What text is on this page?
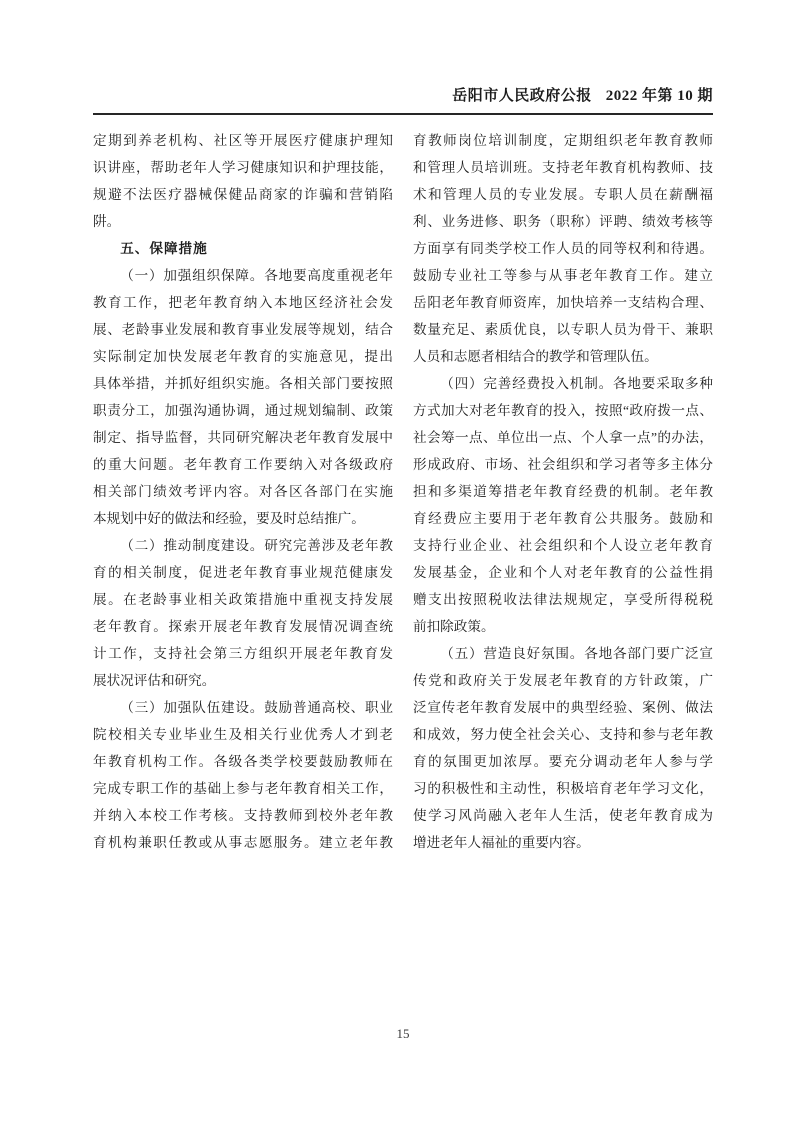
岳阳市人民政府公报 2022 年第 10 期
定期到养老机构、社区等开展医疗健康护理知
识讲座，帮助老年人学习健康知识和护理技能，
规避不法医疗器械保健品商家的诈骗和营销陷
阱。
五、保障措施
（一）加强组织保障。各地要高度重视老年
教育工作，把老年教育纳入本地区经济社会发
展、老龄事业发展和教育事业发展等规划，结合
实际制定加快发展老年教育的实施意见，提出
具体举措，并抓好组织实施。各相关部门要按照
职责分工，加强沟通协调，通过规划编制、政策
制定、指导监督，共同研究解决老年教育发展中
的重大问题。老年教育工作要纳入对各级政府
相关部门绩效考评内容。对各区各部门在实施
本规划中好的做法和经验，要及时总结推广。
（二）推动制度建设。研究完善涉及老年教
育的相关制度，促进老年教育事业规范健康发
展。在老龄事业相关政策措施中重视支持发展
老年教育。探索开展老年教育发展情况调查统
计工作，支持社会第三方组织开展老年教育发
展状况评估和研究。
（三）加强队伍建设。鼓励普通高校、职业
院校相关专业毕业生及相关行业优秀人才到老
年教育机构工作。各级各类学校要鼓励教师在
完成专职工作的基础上参与老年教育相关工作，
并纳入本校工作考核。支持教师到校外老年教
育机构兼职任教或从事志愿服务。建立老年教
育教师岗位培训制度，定期组织老年教育教师
和管理人员培训班。支持老年教育机构教师、技
术和管理人员的专业发展。专职人员在薪酬福
利、业务进修、职务（职称）评聘、绩效考核等
方面享有同类学校工作人员的同等权利和待遇。
鼓励专业社工等参与从事老年教育工作。建立
岳阳老年教育师资库，加快培养一支结构合理、
数量充足、素质优良，以专职人员为骨干、兼职
人员和志愿者相结合的教学和管理队伍。
（四）完善经费投入机制。各地要采取多种
方式加大对老年教育的投入，按照“政府拨一点、
社会筹一点、单位出一点、个人拿一点”的办法，
形成政府、市场、社会组织和学习者等多主体分
担和多渠道筹措老年教育经费的机制。老年教
育经费应主要用于老年教育公共服务。鼓励和
支持行业企业、社会组织和个人设立老年教育
发展基金，企业和个人对老年教育的公益性捐
赠支出按照税收法律法规规定，享受所得税税
前扣除政策。
（五）营造良好氛围。各地各部门要广泛宣
传党和政府关于发展老年教育的方针政策，广
泛宣传老年教育发展中的典型经验、案例、做法
和成效，努力使全社会关心、支持和参与老年教
育的氛围更加浓厚。要充分调动老年人参与学
习的积极性和主动性，积极培育老年学习文化，
使学习风尚融入老年人生活，使老年教育成为
增进老年人福祉的重要内容。
15
